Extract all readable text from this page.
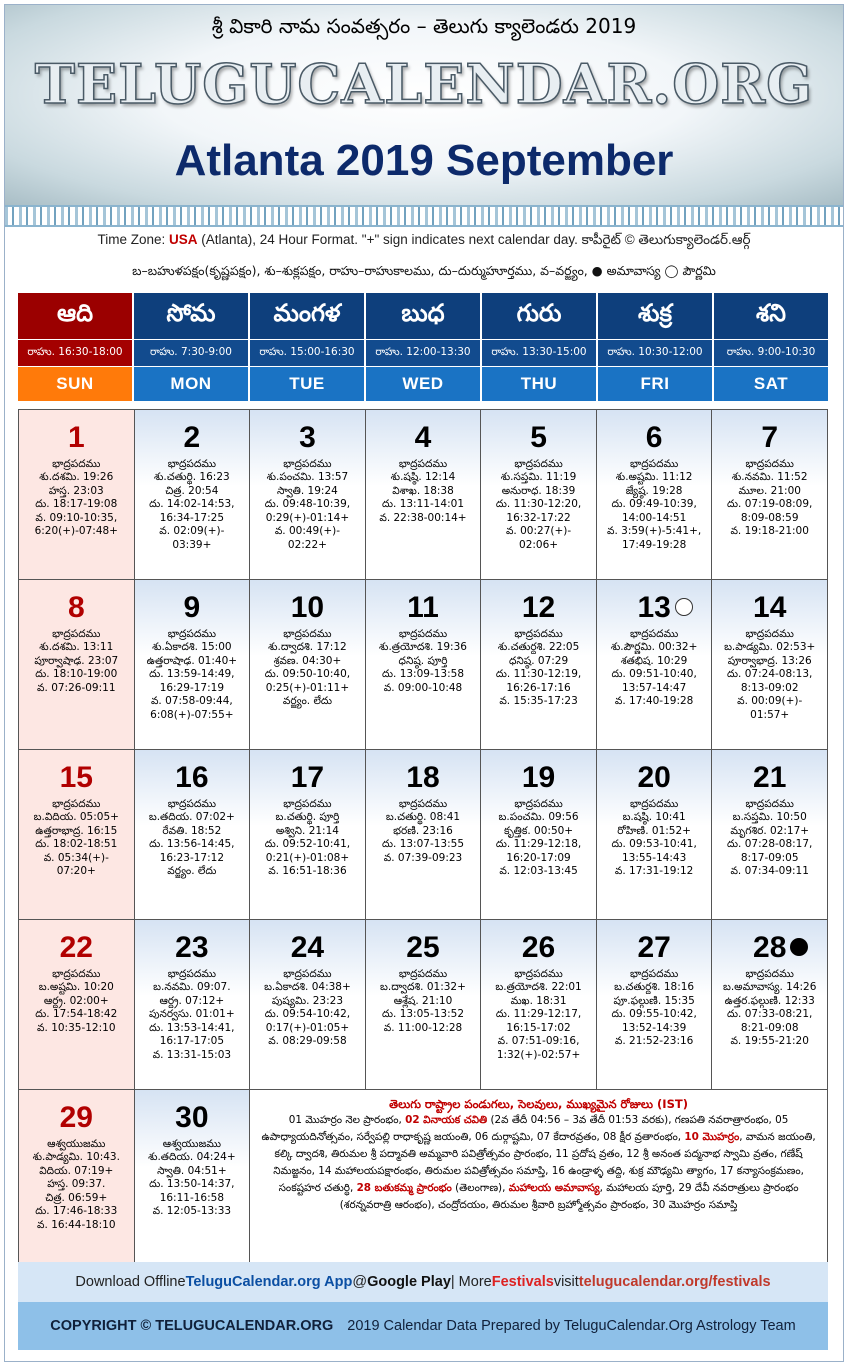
శ్రీ వికారి నామ సంవత్సరం – తెలుగు క్యాలెండరు 2019
TELUGUCALENDAR.ORG
Atlanta 2019 September
Time Zone: USA (Atlanta), 24 Hour Format. "+" sign indicates next calendar day. కాపీరైట్ © తెలుగుక్యాలెండర్.ఆర్గ్
బ–బహుళపక్షం(కృష్ణపక్షం), శు–శుక్లపక్షం, రాహు–రాహుకాలము, దు–దుర్ముహూర్తము, వ–వర్జ్యం, ● అమావాస్య ◯ పౌర్ణమి
ఆది
రాహు. 16:30-18:00
SUN
సోమ
రాహు. 7:30-9:00
MON
మంగళ
రాహు. 15:00-16:30
TUE
బుధ
రాహు. 12:00-13:30
WED
గురు
రాహు. 13:30-15:00
THU
శుక్ర
రాహు. 10:30-12:00
FRI
శని
రాహు. 9:00-10:30
SAT
1
భాద్రపదము
శు.దశమి. 19:26
హస్త. 23:03
దు. 18:17-19:08
వ. 09:10-10:35,
6:20(+)-07:48+
2
భాద్రపదము
శు.చతుర్థి. 16:23
చిత్ర. 20:54
దు. 14:02-14:53,
16:34-17:25
వ. 02:09(+)-
03:39+
3
భాద్రపదము
శు.పంచమి. 13:57
స్వాతి. 19:24
దు. 09:48-10:39,
0:29(+)-01:14+
వ. 00:49(+)-
02:22+
4
భాద్రపదము
శు.షష్ఠి. 12:14
విశాఖ. 18:38
దు. 13:11-14:01
వ. 22:38-00:14+
5
భాద్రపదము
శు.సప్తమి. 11:19
అనురాధ. 18:39
దు. 11:30-12:20,
16:32-17:22
వ. 00:27(+)-
02:06+
6
భాద్రపదము
శు.అష్టమి. 11:12
జ్యేష్ఠ. 19:28
దు. 09:49-10:39,
14:00-14:51
వ. 3:59(+)-5:41+,
17:49-19:28
7
భాద్రపదము
శు.నవమి. 11:52
మూల. 21:00
దు. 07:19-08:09,
8:09-08:59
వ. 19:18-21:00
8
భాద్రపదము
శు.దశమి. 13:11
పూర్వాషాఢ. 23:07
దు. 18:10-19:00
వ. 07:26-09:11
9
భాద్రపదము
శు.ఏకాదశి. 15:00
ఉత్తరాషాఢ. 01:40+
దు. 13:59-14:49,
16:29-17:19
వ. 07:58-09:44,
6:08(+)-07:55+
10
భాద్రపదము
శు.ద్వాదశి. 17:12
శ్రవణ. 04:30+
దు. 09:50-10:40,
0:25(+)-01:11+
వర్జ్యం. లేదు
11
భాద్రపదము
శు.త్రయోదశి. 19:36
ధనిష్ఠ. పూర్తి
దు. 13:09-13:58
వ. 09:00-10:48
12
భాద్రపదము
శు.చతుర్దశి. 22:05
ధనిష్ఠ. 07:29
దు. 11:30-12:19,
16:26-17:16
వ. 15:35-17:23
13
భాద్రపదము
శు.పౌర్ణమి. 00:32+
శతభిష. 10:29
దు. 09:51-10:40,
13:57-14:47
వ. 17:40-19:28
14
భాద్రపదము
బ.పాడ్యమి. 02:53+
పూర్వాభాద్ర. 13:26
దు. 07:24-08:13,
8:13-09:02
వ. 00:09(+)-
01:57+
15
భాద్రపదము
బ.విదియ. 05:05+
ఉత్తరాభాద్ర. 16:15
దు. 18:02-18:51
వ. 05:34(+)-
07:20+
16
భాద్రపదము
బ.తదియ. 07:02+
రేవతి. 18:52
దు. 13:56-14:45,
16:23-17:12
వర్జ్యం. లేదు
17
భాద్రపదము
బ.చతుర్థి. పూర్తి
అశ్విని. 21:14
దు. 09:52-10:41,
0:21(+)-01:08+
వ. 16:51-18:36
18
భాద్రపదము
బ.చతుర్థి. 08:41
భరణి. 23:16
దు. 13:07-13:55
వ. 07:39-09:23
19
భాద్రపదము
బ.పంచమి. 09:56
కృత్తిక. 00:50+
దు. 11:29-12:18,
16:20-17:09
వ. 12:03-13:45
20
భాద్రపదము
బ.షష్ఠి. 10:41
రోహిణి. 01:52+
దు. 09:53-10:41,
13:55-14:43
వ. 17:31-19:12
21
భాద్రపదము
బ.సప్తమి. 10:50
మృగశిర. 02:17+
దు. 07:28-08:17,
8:17-09:05
వ. 07:34-09:11
22
భాద్రపదము
బ.అష్టమి. 10:20
ఆర్ద్ర. 02:00+
దు. 17:54-18:42
వ. 10:35-12:10
23
భాద్రపదము
బ.నవమి. 09:07.
ఆర్ద్ర. 07:12+
పునర్వసు. 01:01+
దు. 13:53-14:41,
16:17-17:05
వ. 13:31-15:03
24
భాద్రపదము
బ.ఏకాదశి. 04:38+
పుష్యమి. 23:23
దు. 09:54-10:42,
0:17(+)-01:05+
వ. 08:29-09:58
25
భాద్రపదము
బ.ద్వాదశి. 01:32+
ఆశ్లేష. 21:10
దు. 13:05-13:52
వ. 11:00-12:28
26
భాద్రపదము
బ.త్రయోదశి. 22:01
మఖ. 18:31
దు. 11:29-12:17,
16:15-17:02
వ. 07:51-09:16,
1:32(+)-02:57+
27
భాద్రపదము
బ.చతుర్దశి. 18:16
పూ.ఫల్గుణి. 15:35
దు. 09:55-10:42,
13:52-14:39
వ. 21:52-23:16
28
భాద్రపదము
బ.అమావాస్య. 14:26
ఉత్తర.ఫల్గుణి. 12:33
దు. 07:33-08:21,
8:21-09:08
వ. 19:55-21:20
29
ఆశ్వయుజము
శు.పాడ్యమి. 10:43.
విదియ. 07:19+
హస్త. 09:37.
చిత్ర. 06:59+
దు. 17:46-18:33
వ. 16:44-18:10
30
ఆశ్వయుజము
శు.తదియ. 04:24+
స్వాతి. 04:51+
దు. 13:50-14:37,
16:11-16:58
వ. 12:05-13:33
తెలుగు రాష్ట్రాల పండుగలు, సెలవులు, ముఖ్యమైన రోజులు (IST)
01 మొహర్రం నెల ప్రారంభం, 02 వినాయక చవితి (2వ తేదీ 04:56 – 3వ తేదీ 01:53 వరకు), గణపతి నవరాత్రారంభం, 05 ఉపాధ్యాయదినోత్సవం, సర్వేపల్లి రాధాకృష్ణ జయంతి, 06 దుర్గాష్టమి, 07 కేదారవ్రతం, 08 క్షీర వ్రతారంభం, 10 మొహర్రం, వామన జయంతి, కల్కి ద్వాదశి, తిరుమల శ్రీ పద్మావతి అమ్మవారి పవిత్రోత్సవం ప్రారంభం, 11 ప్రదోష వ్రతం, 12 శ్రీ అనంత పద్మనాభ స్వామి వ్రతం, గణేష్ నిమజ్జనం, 14 మహాలయపక్షారంభం, తిరుమల పవిత్రోత్సవం సమాప్తి, 16 ఉండ్రాళ్ళ తద్ది, శుక్ర మౌఢ్యమి త్యాగం, 17 కన్యాసంక్రమణం, సంకష్టహర చతుర్థి, 28 బతుకమ్మ ప్రారంభం (తెలంగాణ), మహాలయ అమావాస్య, మహాలయ పూర్తి, 29 దేవీ నవరాత్రులు ప్రారంభం (శరన్నవరాత్రి ఆరంభం), చంద్రోదయం, తిరుమల శ్రీవారి బ్రహ్మోత్సవం ప్రారంభం, 30 మొహర్రం సమాప్తి
Download Offline TeluguCalendar.org App @ Google Play | More Festivals visit telugucalendar.org/festivals
COPYRIGHT © TELUGUCALENDAR.ORG 2019 Calendar Data Prepared by TeluguCalendar.Org Astrology Team
